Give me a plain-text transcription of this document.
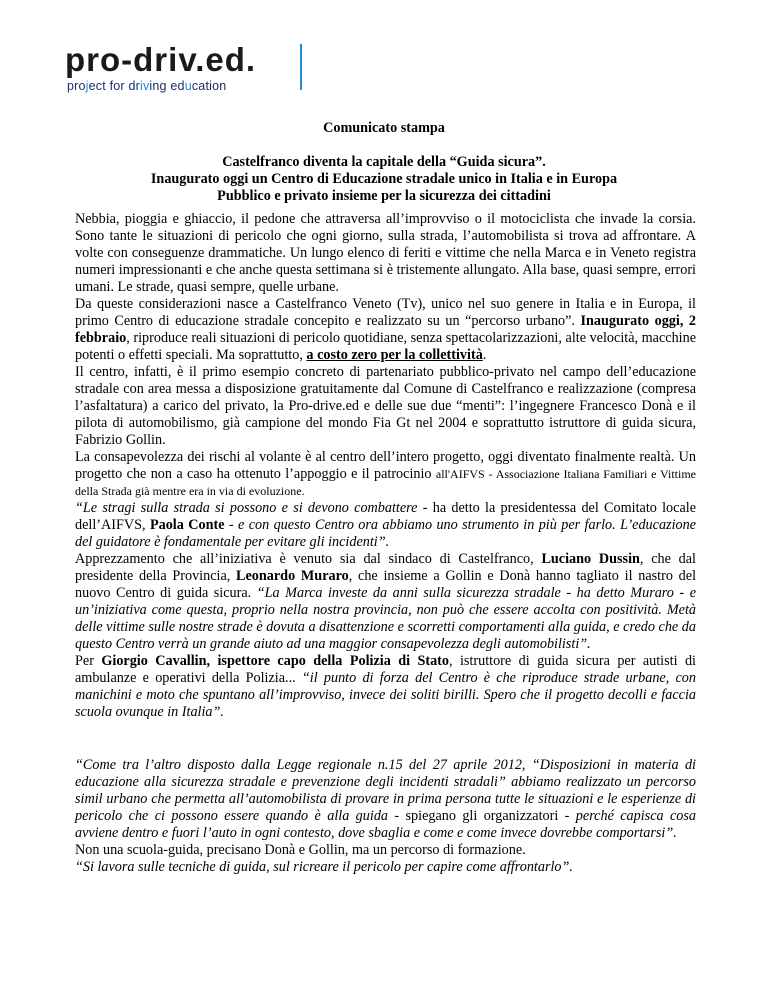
pro-driv.ed.
project for driving education
Comunicato stampa
Castelfranco diventa la capitale della “Guida sicura”.
Inaugurato oggi un Centro di Educazione stradale unico in Italia e in Europa
Pubblico e privato insieme per la sicurezza dei cittadini

Nebbia, pioggia e ghiaccio, il pedone che attraversa all’improvviso o il motociclista che invade la corsia. Sono tante le situazioni di pericolo che ogni giorno, sulla strada, l’automobilista si trova ad affrontare. A volte con conseguenze drammatiche. Un lungo elenco di feriti e vittime che nella Marca e in Veneto registra numeri impressionanti e che anche questa settimana si è tristemente allungato. Alla base, quasi sempre, errori umani. Le strade, quasi sempre, quelle urbane.

Da queste considerazioni nasce a Castelfranco Veneto (Tv), unico nel suo genere in Italia e in Europa, il primo Centro di educazione stradale concepito e realizzato su un “percorso urbano”. Inaugurato oggi, 2 febbraio, riproduce reali situazioni di pericolo quotidiane, senza spettacolarizzazioni, alte velocità, macchine potenti o effetti speciali. Ma soprattutto, a costo zero per la collettività.

Il centro, infatti, è il primo esempio concreto di partenariato pubblico-privato nel campo dell’educazione stradale con area messa a disposizione gratuitamente dal Comune di Castelfranco e realizzazione (compresa l’asfaltatura) a carico del privato, la Pro-drive.ed e delle sue due “menti”: l’ingegnere Francesco Donà e il pilota di automobilismo, già campione del mondo Fia Gt nel 2004 e soprattutto istruttore di guida sicura, Fabrizio Gollin.

La consapevolezza dei rischi al volante è al centro dell’intero progetto, oggi diventato finalmente realtà. Un progetto che non a caso ha ottenuto l’appoggio e il patrocinio all'AIFVS - Associazione Italiana Familiari e Vittime della Strada già mentre era in via di evoluzione.

“Le stragi sulla strada si possono e si devono combattere - ha detto la presidentessa del Comitato locale dell’AIFVS, Paola Conte - e con questo Centro ora abbiamo uno strumento in più per farlo. L’educazione del guidatore è fondamentale per evitare gli incidenti”.

Apprezzamento che all’iniziativa è venuto sia dal sindaco di Castelfranco, Luciano Dussin, che dal presidente della Provincia, Leonardo Muraro, che insieme a Gollin e Donà hanno tagliato il nastro del nuovo Centro di guida sicura. “La Marca investe da anni sulla sicurezza stradale - ha detto Muraro - e un’iniziativa come questa, proprio nella nostra provincia, non può che essere accolta con positività. Metà delle vittime sulle nostre strade è dovuta a disattenzione e scorretti comportamenti alla guida, e credo che da questo Centro verrà un grande aiuto ad una maggior consapevolezza degli automobilisti”.

Per Giorgio Cavallin, ispettore capo della Polizia di Stato, istruttore di guida sicura per autisti di ambulanze e operativi della Polizia... “il punto di forza del Centro è che riproduce strade urbane, con manichini e moto che spuntano all’improvviso, invece dei soliti birilli. Spero che il progetto decolli e faccia scuola ovunque in Italia”.

“Come tra l’altro disposto dalla Legge regionale n.15 del 27 aprile 2012, “Disposizioni in materia di educazione alla sicurezza stradale e prevenzione degli incidenti stradali” abbiamo realizzato un percorso simil urbano che permetta all’automobilista di provare in prima persona tutte le situazioni e le esperienze di pericolo che ci possono essere quando è alla guida - spiegano gli organizzatori - perché capisca cosa avviene dentro e fuori l’auto in ogni contesto, dove sbaglia e come e come invece dovrebbe comportarsi”.

Non una scuola-guida, precisano Donà e Gollin, ma un percorso di formazione.

“Si lavora sulle tecniche di guida, sul ricreare il pericolo per capire come affrontarlo”.
